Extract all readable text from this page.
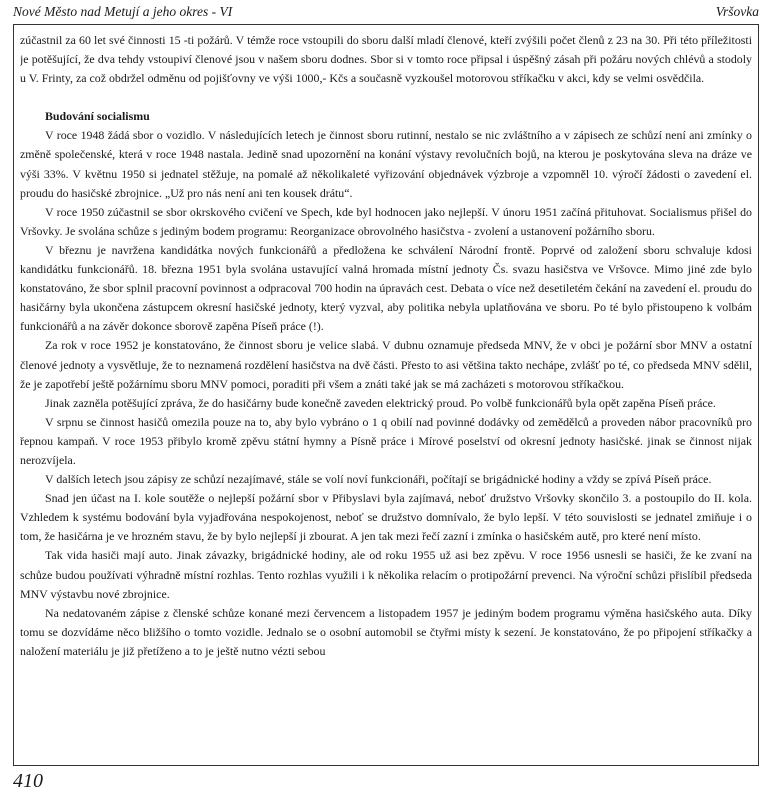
Nové Město nad Metují a jeho okres - VI	Vršovka

zúčastnil za 60 let své činnosti 15 -ti požárů. V témže roce vstoupili do sboru další mladí členové, kteří zvýšili počet členů z 23 na 30. Při této příležitosti je potěšující, že dva tehdy vstoupiví členové jsou v našem sboru dodnes. Sbor si v tomto roce připsal i úspěšný zásah při požáru nových chlévů a stodoly u V. Frinty, za což obdržel odměnu od pojišťovny ve výši 1000,- Kčs a současně vyzkoušel motorovou stříkačku v akci, kdy se velmi osvědčila.

Budování socialismu

V roce 1948 žádá sbor o vozidlo. V následujících letech je činnost sboru rutinní, nestalo se nic zvláštního a v zápisech ze schůzí není ani zmínky o změně společenské, která v roce 1948 nastala. Jedině snad upozornění na konání výstavy revolučních bojů, na kterou je poskytována sleva na dráze ve výši 33%. V květnu 1950 si jednatel stěžuje, na pomalé až několikaleté vyřizování objednávek výzbroje a vzpomněl 10. výročí žádosti o zavedení el. proudu do hasičské zbrojnice. „Už pro nás není ani ten kousek drátu“.

V roce 1950 zúčastnil se sbor okrskového cvičení ve Spech, kde byl hodnocen jako nejlepší. V únoru 1951 začíná přituhovat. Socialismus přišel do Vršovky. Je svolána schůze s jediným bodem programu: Reorganizace obrovolného hasičstva - zvolení a ustanovení požárního sboru.

V březnu je navržena kandidátka nových funkcionářů a předložena ke schválení Národní frontě. Poprvé od založení sboru schvaluje kdosi kandidátku funkcionářů. 18. března 1951 byla svolána ustavující valná hromada místní jednoty Čs. svazu hasičstva ve Vršovce. Mimo jiné zde bylo konstatováno, že sbor splnil pracovní povinnost a odpracoval 700 hodin na úpravách cest. Debata o více než desetiletém čekání na zavedení el. proudu do hasičárny byla ukončena zástupcem okresní hasičské jednoty, který vyzval, aby politika nebyla uplatňována ve sboru. Po té bylo přistoupeno k volbám funkcionářů a na závěr dokonce sborově zapěna Píseň práce (!).

Za rok v roce 1952 je konstatováno, že činnost sboru je velice slabá. V dubnu oznamuje předseda MNV, že v obci je požární sbor MNV a ostatní členové jednoty a vysvětluje, že to neznamená rozdělení hasičstva na dvě části. Přesto to asi většina takto nechápe, zvlášť po té, co předseda MNV sdělil, že je zapotřebí ještě požárnímu sboru MNV pomoci, poraditi při všem a znáti také jak se má zacházeti s motorovou stříkačkou.

Jinak zazněla potěšující zpráva, že do hasičárny bude konečně zaveden elektrický proud. Po volbě funkcionářů byla opět zapěna Píseň práce.

V srpnu se činnost hasičů omezila pouze na to, aby bylo vybráno o 1 q obilí nad povinné dodávky od zemědělců a proveden nábor pracovníků pro řepnou kampaň. V roce 1953 přibylo kromě zpěvu státní hymny a Písně práce i Mírové poselství od okresní jednoty hasičské. jinak se činnost nijak nerozvíjela.

V dalších letech jsou zápisy ze schůzí nezajímavé, stále se volí noví funkcionáři, počítají se brigádnické hodiny a vždy se zpívá Píseň práce.

Snad jen účast na I. kole soutěže o nejlepší požární sbor v Přibyslavi byla zajímavá, neboť družstvo Vršovky skončilo 3. a postoupilo do II. kola. Vzhledem k systému bodování byla vyjadřována nespokojenost, neboť se družstvo domnívalo, že bylo lepší. V této souvislosti se jednatel zmiňuje i o tom, že hasičárna je ve hrozném stavu, že by bylo nejlepší ji zbourat. A jen tak mezi řečí zazní i zmínka o hasičském autě, pro které není místo.

Tak vida hasiči mají auto. Jinak závazky, brigádnické hodiny, ale od roku 1955 už asi bez zpěvu. V roce 1956 usnesli se hasiči, že ke zvaní na schůze budou používati výhradně místní rozhlas. Tento rozhlas využili i k několika relacím o protipožární prevenci. Na výroční schůzi přislíbil předseda MNV výstavbu nové zbrojnice.

Na nedatovaném zápise z členské schůze konané mezi červencem a listopadem 1957 je jediným bodem programu výměna hasičského auta. Díky tomu se dozvídáme něco bližšího o tomto vozidle. Jednalo se o osobní automobil se čtyřmi místy k sezení. Je konstatováno, že po připojení stříkačky a naložení materiálu je již přetíženo a to je ještě nutno vézti sebou

410
